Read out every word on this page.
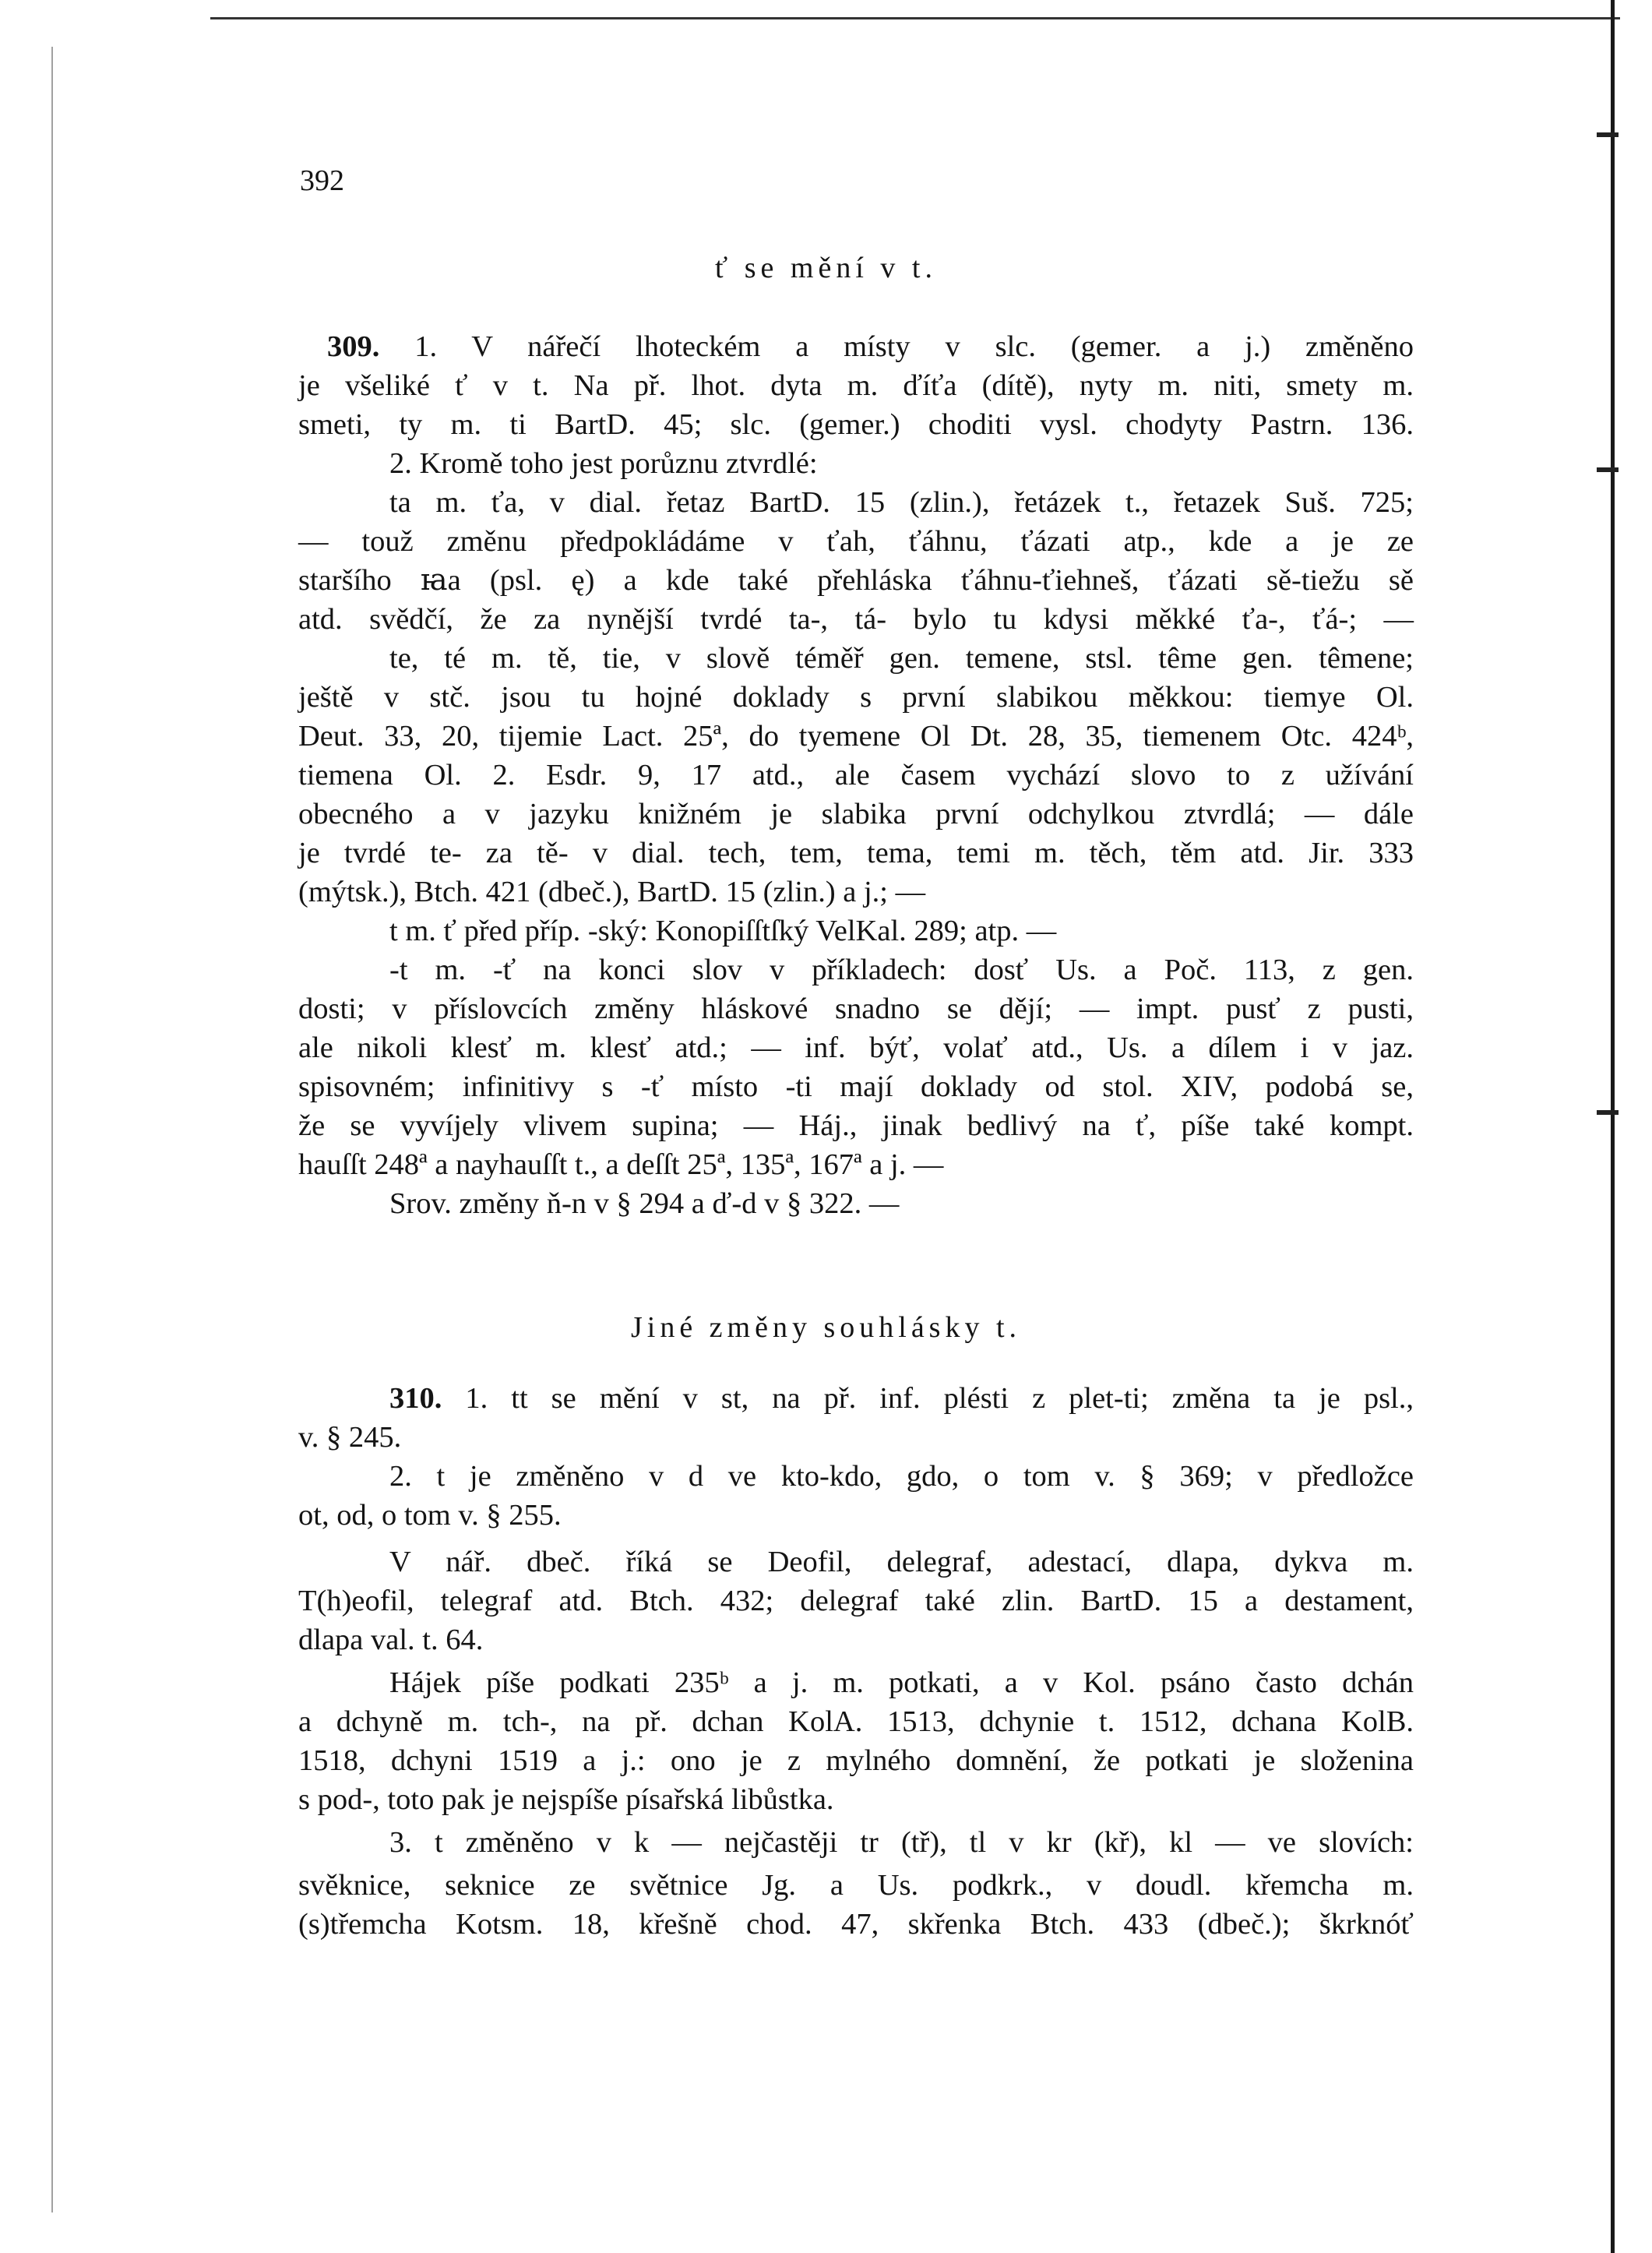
392
ť se mění v t.
309. 1. V nářečí lhoteckém a místy v slc. (gemer. a j.) změněno
je všeliké ť v t. Na př. lhot. dyta m. ďíťa (dítě), nyty m. niti, smety m.
smeti, ty m. ti BartD. 45; slc. (gemer.) choditi vysl. chodyty Pastrn. 136.
2. Kromě toho jest porůznu ztvrdlé:
ta m. ťa, v dial. řetaz BartD. 15 (zlin.), řetázek t., řetazek Suš. 725;
— touž změnu předpokládáme v ťah, ťáhnu, ťázati atp., kde a je ze
staršího ꙗa (psl. ę) a kde také přehláska ťáhnu-ťiehneš, ťázati sě-tiežu sě
atd. svědčí, že za nynější tvrdé ta-, tá- bylo tu kdysi měkké ťa-, ťá-; —
te, té m. tě, tie, v slově téměř gen. temene, stsl. tême gen. têmene;
ještě v stč. jsou tu hojné doklady s první slabikou měkkou: tiemye Ol.
Deut. 33, 20, tijemie Lact. 25ª, do tyemene Ol Dt. 28, 35, tiemenem Otc. 424ᵇ,
tiemena Ol. 2. Esdr. 9, 17 atd., ale časem vychází slovo to z užívání
obecného a v jazyku knižném je slabika první odchylkou ztvrdlá; — dále
je tvrdé te- za tě- v dial. tech, tem, tema, temi m. těch, těm atd. Jir. 333
(mýtsk.), Btch. 421 (dbeč.), BartD. 15 (zlin.) a j.; —
t m. ť před příp. -ský: Konopiſſtſký VelKal. 289; atp. —
-t m. -ť na konci slov v příkladech: dosť Us. a Poč. 113, z gen.
dosti; v příslovcích změny hláskové snadno se dějí; — impt. pusť z pusti,
ale nikoli klesť m. klesť atd.; — inf. býť, volať atd., Us. a dílem i v jaz.
spisovném; infinitivy s -ť místo -ti mají doklady od stol. XIV, podobá se,
že se vyvíjely vlivem supina; — Háj., jinak bedlivý na ť, píše také kompt.
hauſſt 248ª a nayhauſſt t., a deſſt 25ª, 135ª, 167ª a j. —
Srov. změny ň-n v § 294 a ď-d v § 322. —
Jiné změny souhlásky t.
310. 1. tt se mění v st, na př. inf. plésti z plet-ti; změna ta je psl.,
v. § 245.
2. t je změněno v d ve kto-kdo, gdo, o tom v. § 369; v předložce
ot, od, o tom v. § 255.
V nář. dbeč. říká se Deofil, delegraf, adestací, dlapa, dykva m.
T(h)eofil, telegraf atd. Btch. 432; delegraf také zlin. BartD. 15 a destament,
dlapa val. t. 64.
Hájek píše podkati 235ᵇ a j. m. potkati, a v Kol. psáno často dchán
a dchyně m. tch-, na př. dchan KolA. 1513, dchynie t. 1512, dchana KolB.
1518, dchyni 1519 a j.: ono je z mylného domnění, že potkati je složenina
s pod-, toto pak je nejspíše písařská libůstka.
3. t změněno v k — nejčastěji tr (tř), tl v kr (kř), kl — ve slovích:
svěknice, seknice ze světnice Jg. a Us. podkrk., v doudl. křemcha m.
(s)třemcha Kotsm. 18, křešně chod. 47, skřenka Btch. 433 (dbeč.); škrknóť
